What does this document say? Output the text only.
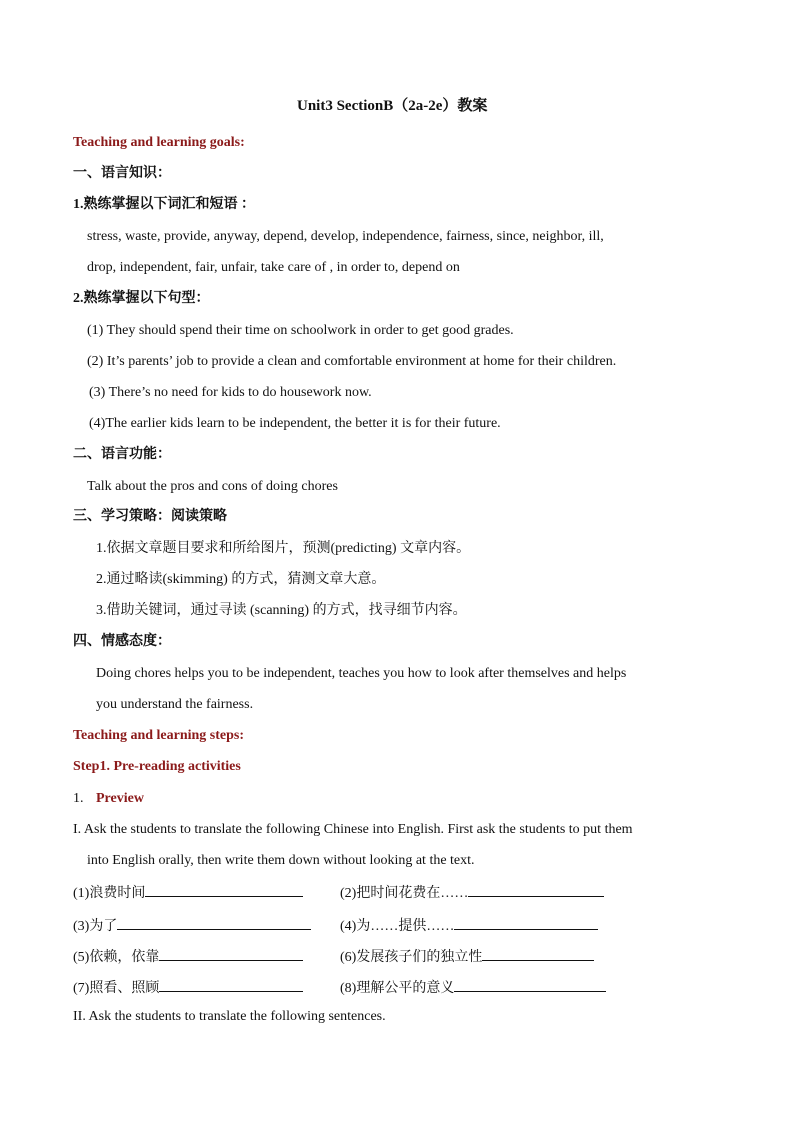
Unit3 SectionB（2a-2e）教案
Teaching and learning goals:
一、语言知识：
1.熟练掌握以下词汇和短语 ：
stress, waste, provide, anyway, depend, develop, independence, fairness, since, neighbor, ill,
drop, independent, fair, unfair, take care of , in order to, depend on
2.熟练掌握以下句型：
(1) They should spend their time on schoolwork in order to get good grades.
(2) It’s parents’ job to provide a clean and comfortable environment at home for their children.
(3) There’s no need for kids to do housework now.
(4)The earlier kids learn to be independent, the better it is for their future.
二、语言功能：
Talk about the pros and cons of doing chores
三、学习策略：阅读策略
1.依据文章题目要求和所给图片，预测(predicting) 文章内容。
2.通过略读(skimming) 的方式，猜测文章大意。
3.借助关键词，通过寻读 (scanning) 的方式，找寻细节内容。
四、情感态度：
Doing chores helps you to be independent, teaches you how to look after themselves and helps
you understand the fairness.
Teaching and learning steps:
Step1. Pre-reading activities
1. Preview
I. Ask the students to translate the following Chinese into English. First ask the students to put them
into English orally, then write them down without looking at the text.
(1)浪费时间	(2)把时间花费在……
(3)为了	(4)为……提供……
(5)依赖，依靠	(6)发展孩子们的独立性
(7)照看、照顾	(8)理解公平的意义
II. Ask the students to translate the following sentences.
